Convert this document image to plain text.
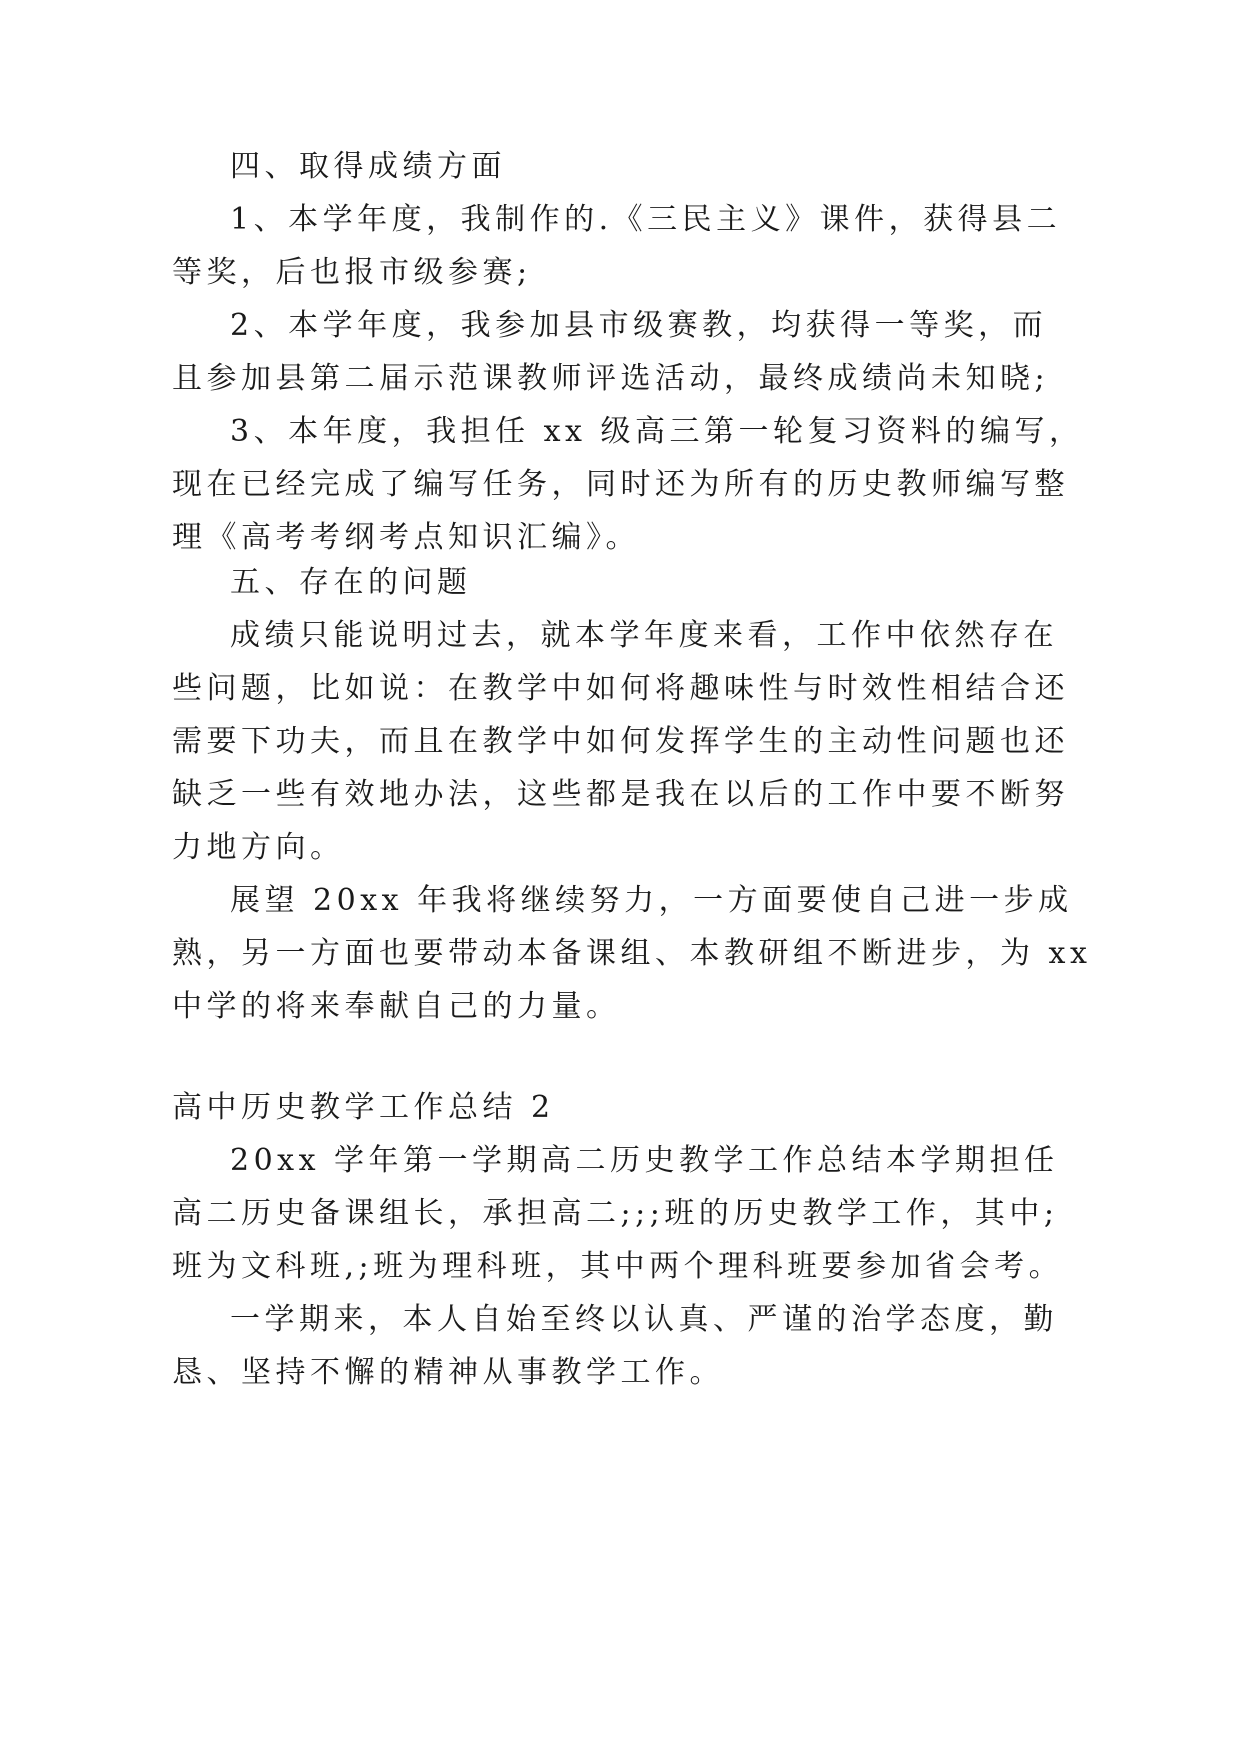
四、取得成绩方面

1、本学年度，我制作的.《三民主义》课件，获得县二

等奖，后也报市级参赛;

2、本学年度，我参加县市级赛教，均获得一等奖，而

且参加县第二届示范课教师评选活动，最终成绩尚未知晓;

3、本年度，我担任 xx 级高三第一轮复习资料的编写，

现在已经完成了编写任务，同时还为所有的历史教师编写整

理《高考考纲考点知识汇编》。

五、存在的问题

成绩只能说明过去，就本学年度来看，工作中依然存在

些问题，比如说：在教学中如何将趣味性与时效性相结合还

需要下功夫，而且在教学中如何发挥学生的主动性问题也还

缺乏一些有效地办法，这些都是我在以后的工作中要不断努

力地方向。

展望 20xx 年我将继续努力，一方面要使自己进一步成

熟，另一方面也要带动本备课组、本教研组不断进步，为 xx

中学的将来奉献自己的力量。

高中历史教学工作总结 2

20xx 学年第一学期高二历史教学工作总结本学期担任

高二历史备课组长，承担高二;;;班的历史教学工作，其中;

班为文科班,;班为理科班，其中两个理科班要参加省会考。

一学期来，本人自始至终以认真、严谨的治学态度，勤

恳、坚持不懈的精神从事教学工作。
